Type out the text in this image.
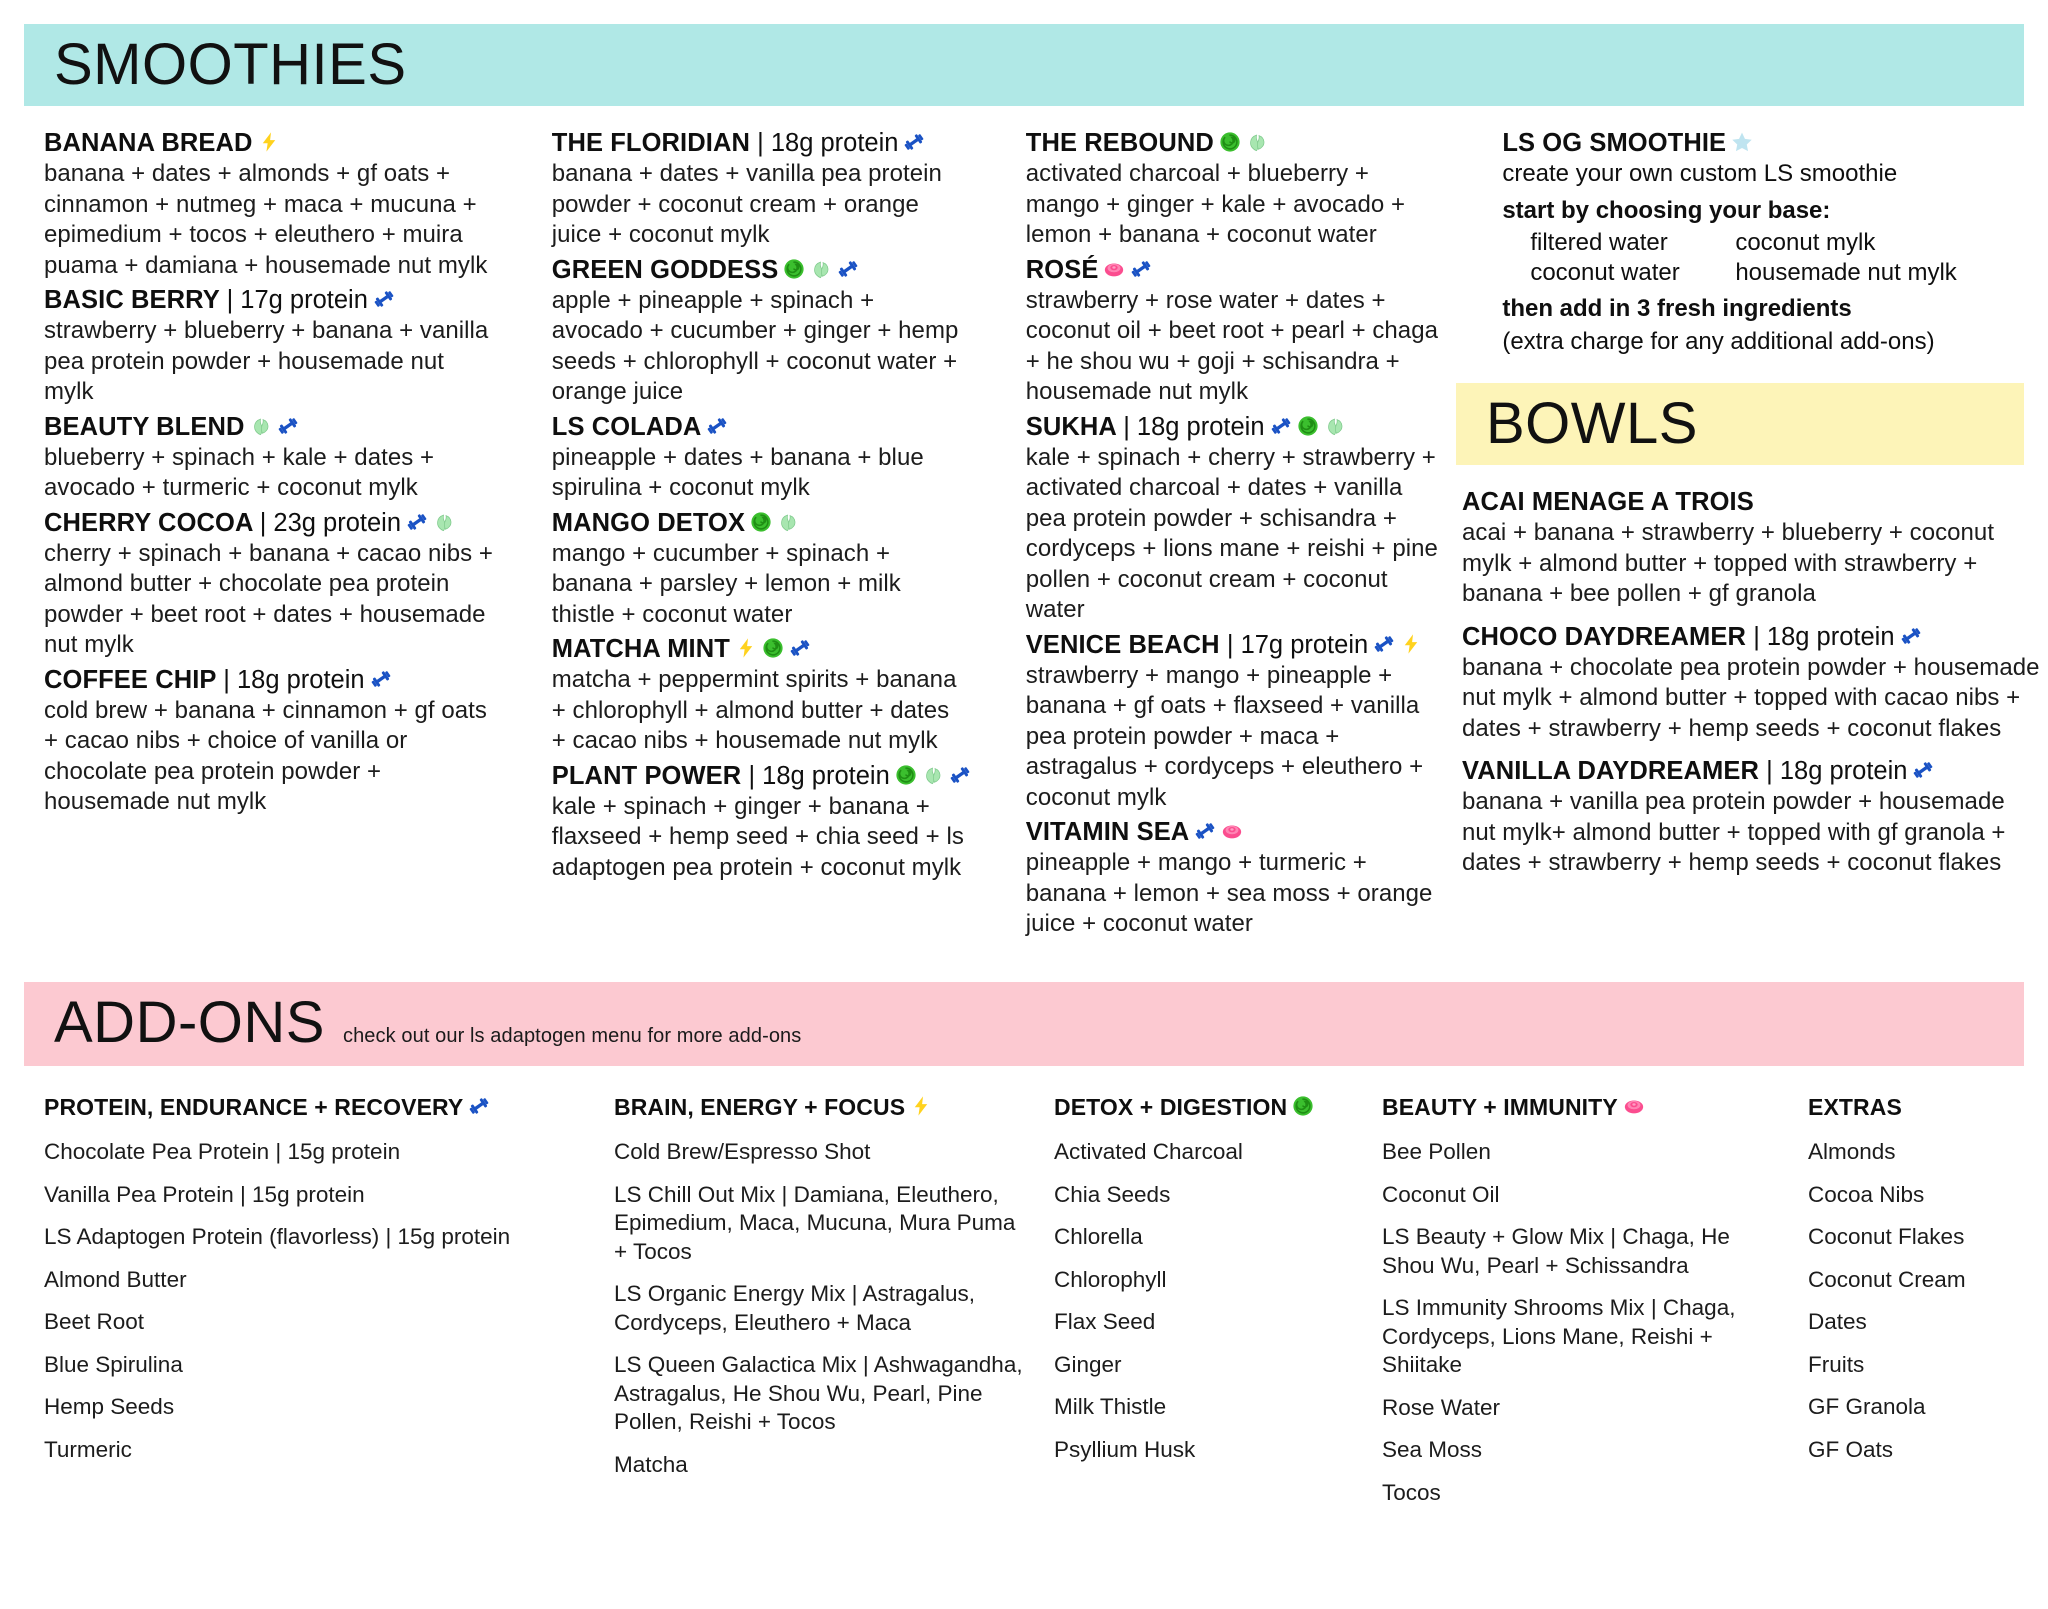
SMOOTHIES
BANANA BREAD
banana + dates + almonds + gf oats + cinnamon + nutmeg + maca + mucuna + epimedium + tocos + eleuthero + muira puama + damiana + housemade nut mylk
BASIC BERRY | 17g protein
strawberry + blueberry + banana + vanilla pea protein powder + housemade nut mylk
BEAUTY BLEND
blueberry + spinach + kale + dates + avocado + turmeric + coconut mylk
CHERRY COCOA | 23g protein
cherry + spinach + banana + cacao nibs + almond butter + chocolate pea protein powder + beet root + dates + housemade nut mylk
COFFEE CHIP | 18g protein
cold brew + banana + cinnamon + gf oats + cacao nibs + choice of vanilla or chocolate pea protein powder + housemade nut mylk
THE FLORIDIAN | 18g protein
banana + dates + vanilla pea protein powder + coconut cream + orange juice + coconut mylk
GREEN GODDESS
apple + pineapple + spinach + avocado + cucumber + ginger + hemp seeds + chlorophyll + coconut water + orange juice
LS COLADA
pineapple + dates + banana + blue spirulina + coconut mylk
MANGO DETOX
mango + cucumber + spinach + banana + parsley + lemon + milk thistle + coconut water
MATCHA MINT
matcha + peppermint spirits + banana + chlorophyll + almond butter + dates + cacao nibs + housemade nut mylk
PLANT POWER | 18g protein
kale + spinach + ginger + banana + flaxseed + hemp seed + chia seed + ls adaptogen pea protein + coconut mylk
THE REBOUND
activated charcoal + blueberry + mango + ginger + kale + avocado + lemon + banana + coconut water
ROSÉ
strawberry + rose water + dates + coconut oil + beet root + pearl + chaga + he shou wu + goji + schisandra + housemade nut mylk
SUKHA | 18g protein
kale + spinach + cherry + strawberry + activated charcoal + dates + vanilla pea protein powder + schisandra + cordyceps + lions mane + reishi + pine pollen + coconut cream + coconut water
VENICE BEACH | 17g protein
strawberry + mango + pineapple + banana + gf oats + flaxseed + vanilla pea protein powder + maca + astragalus + cordyceps + eleuthero + coconut mylk
VITAMIN SEA
pineapple + mango + turmeric + banana + lemon + sea moss + orange juice + coconut water
LS OG SMOOTHIE
create your own custom LS smoothie
start by choosing your base:
filtered water	coconut mylk
coconut water	housemade nut mylk
then add in 3 fresh ingredients
(extra charge for any additional add-ons)
BOWLS
ACAI MENAGE A TROIS
acai + banana + strawberry + blueberry + coconut mylk + almond butter + topped with strawberry + banana + bee pollen + gf granola
CHOCO DAYDREAMER | 18g protein
banana + chocolate pea protein powder + housemade nut mylk + almond butter + topped with cacao nibs + dates + strawberry + hemp seeds + coconut flakes
VANILLA DAYDREAMER | 18g protein
banana + vanilla pea protein powder + housemade nut mylk+ almond butter + topped with gf granola + dates + strawberry + hemp seeds + coconut flakes
ADD-ONS check out our ls adaptogen menu for more add-ons
PROTEIN, ENDURANCE + RECOVERY
Chocolate Pea Protein | 15g protein
Vanilla Pea Protein | 15g protein
LS Adaptogen Protein (flavorless) | 15g protein
Almond Butter
Beet Root
Blue Spirulina
Hemp Seeds
Turmeric
BRAIN, ENERGY + FOCUS
Cold Brew/Espresso Shot
LS Chill Out Mix | Damiana, Eleuthero, Epimedium, Maca, Mucuna, Mura Puma + Tocos
LS Organic Energy Mix | Astragalus, Cordyceps, Eleuthero + Maca
LS Queen Galactica Mix | Ashwagandha, Astragalus, He Shou Wu, Pearl, Pine Pollen, Reishi + Tocos
Matcha
DETOX + DIGESTION
Activated Charcoal
Chia Seeds
Chlorella
Chlorophyll
Flax Seed
Ginger
Milk Thistle
Psyllium Husk
BEAUTY + IMMUNITY
Bee Pollen
Coconut Oil
LS Beauty + Glow Mix | Chaga, He Shou Wu, Pearl + Schissandra
LS Immunity Shrooms Mix | Chaga, Cordyceps, Lions Mane, Reishi + Shiitake
Rose Water
Sea Moss
Tocos
EXTRAS
Almonds
Cocoa Nibs
Coconut Flakes
Coconut Cream
Dates
Fruits
GF Granola
GF Oats
